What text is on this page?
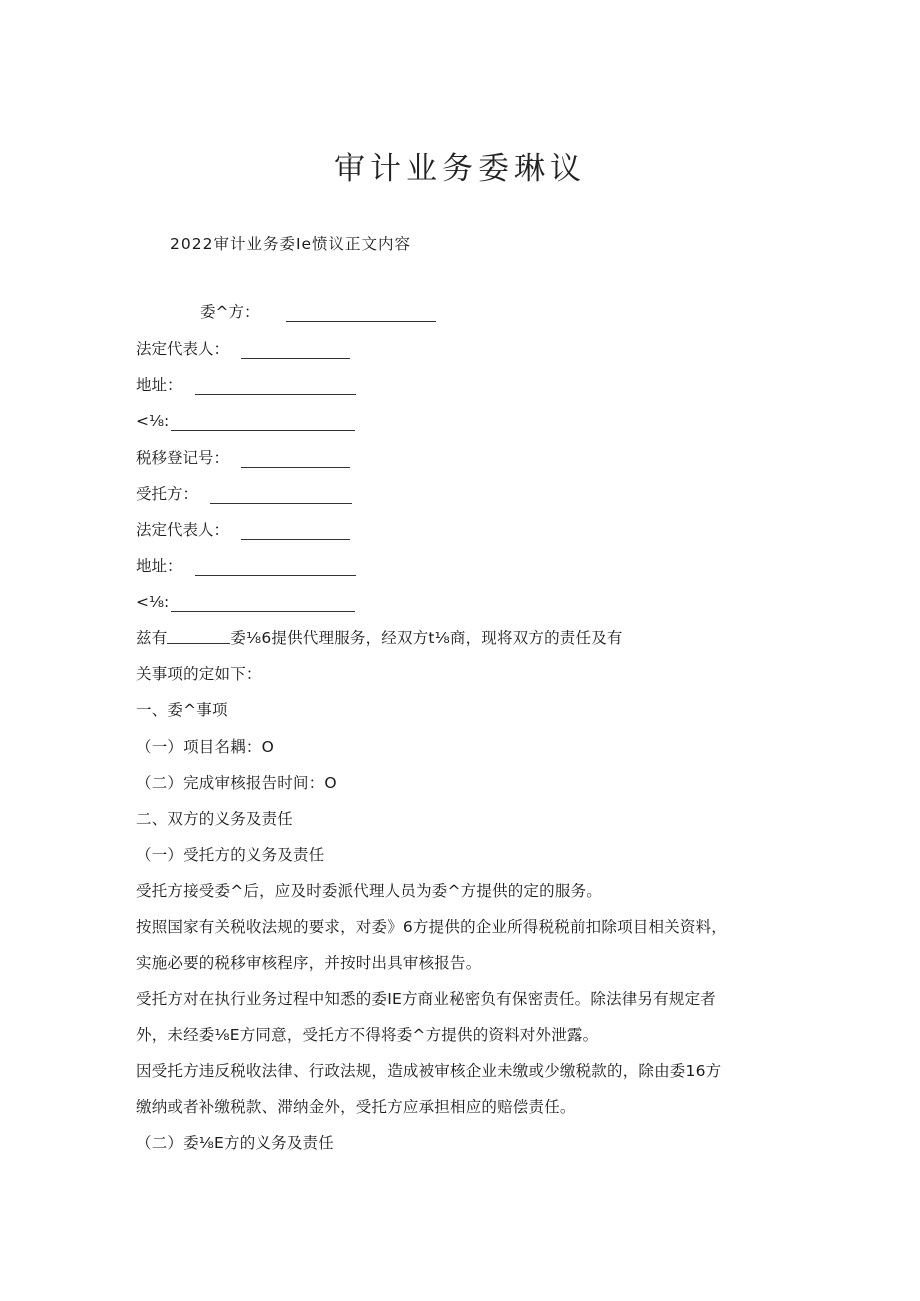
审计业务委琳议
2022审计业务委Ie愤议正文内容
委^方：
法定代表人：
地址：
<⅛:
税移登记号：
受托方：
法定代表人：
地址：
<⅛:
兹有	委⅛6提供代理服务，经双方t⅛商，现将双方的责任及有
关事项的定如下：
一、委^事项
（一）项目名耦：O
（二）完成审核报告时间：O
二、双方的义务及责任
（一）受托方的义务及责任
受托方接受委^后，应及时委派代理人员为委^方提供的定的服务。
按照国家有关税收法规的要求，对委》6方提供的企业所得税税前扣除项目相关资料，
实施必要的税移审核程序，并按时出具审核报告。
受托方对在执行业务过程中知悉的委IE方商业秘密负有保密责任。除法律另有规定者
外，未经委⅛E方同意，受托方不得将委^方提供的资料对外泄露。
因受托方违反税收法律、行政法规，造成被审核企业未缴或少缴税款的，除由委16方
缴纳或者补缴税款、滞纳金外，受托方应承担相应的赔偿责任。
（二）委⅛E方的义务及责任
